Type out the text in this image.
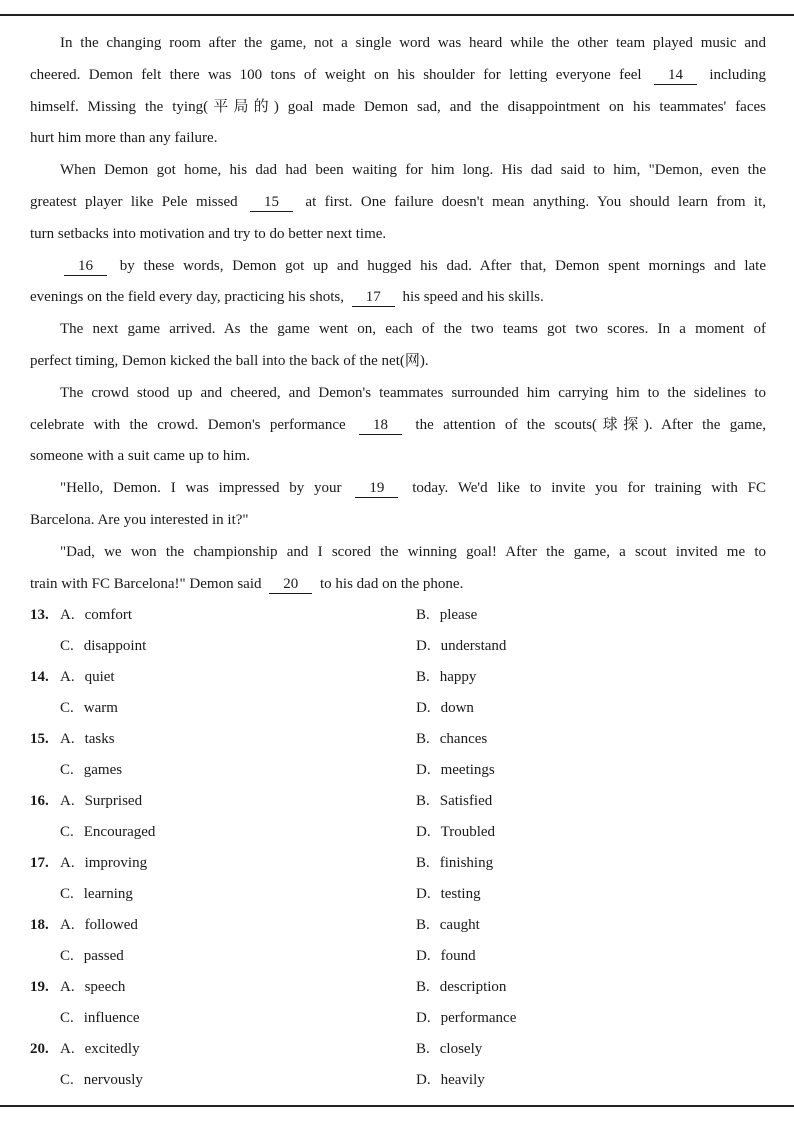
In the changing room after the game, not a single word was heard while the other team played music and
cheered. Demon felt there was 100 tons of weight on his shoulder for letting everyone feel 14 including
himself. Missing the tying(平局的) goal made Demon sad, and the disappointment on his teammates' faces
hurt him more than any failure.
When Demon got home, his dad had been waiting for him long. His dad said to him, "Demon, even the
greatest player like Pele missed 15 at first. One failure doesn't mean anything. You should learn from it,
turn setbacks into motivation and try to do better next time.
16 by these words, Demon got up and hugged his dad. After that, Demon spent mornings and late
evenings on the field every day, practicing his shots, 17 his speed and his skills.
The next game arrived. As the game went on, each of the two teams got two scores. In a moment of
perfect timing, Demon kicked the ball into the back of the net(网).
The crowd stood up and cheered, and Demon's teammates surrounded him carrying him to the sidelines to
celebrate with the crowd. Demon's performance 18 the attention of the scouts(球探). After the game,
someone with a suit came up to him.
"Hello, Demon. I was impressed by your 19 today. We'd like to invite you for training with FC
Barcelona. Are you interested in it?"
"Dad, we won the championship and I scored the winning goal! After the game, a scout invited me to
train with FC Barcelona!" Demon said 20 to his dad on the phone.
13. A. comfort	B. please
C. disappoint	D. understand
14. A. quiet	B. happy
C. warm	D. down
15. A. tasks	B. chances
C. games	D. meetings
16. A. Surprised	B. Satisfied
C. Encouraged	D. Troubled
17. A. improving	B. finishing
C. learning	D. testing
18. A. followed	B. caught
C. passed	D. found
19. A. speech	B. description
C. influence	D. performance
20. A. excitedly	B. closely
C. nervously	D. heavily
